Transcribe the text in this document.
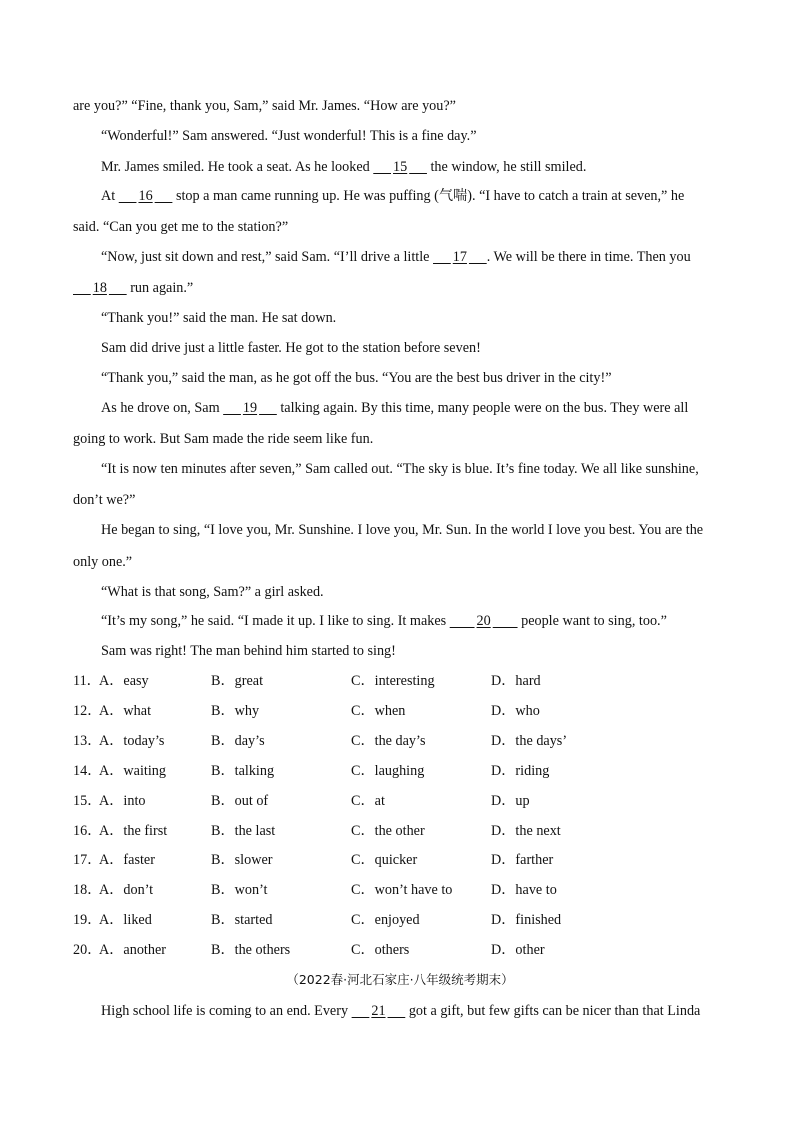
are you?” “Fine, thank you, Sam,” said Mr. James. “How are you?”
“Wonderful!” Sam answered. “Just wonderful! This is a fine day.”
Mr. James smiled. He took a seat. As he looked 15 the window, he still smiled.
At 16 stop a man came running up. He was puffing (气喘). “I have to catch a train at seven,” he
said. “Can you get me to the station?”
“Now, just sit down and rest,” said Sam. “I’ll drive a little 17 . We will be there in time. Then you
18 run again.”
“Thank you!” said the man. He sat down.
Sam did drive just a little faster. He got to the station before seven!
“Thank you,” said the man, as he got off the bus. “You are the best bus driver in the city!”
As he drove on, Sam 19 talking again. By this time, many people were on the bus. They were all
going to work. But Sam made the ride seem like fun.
“It is now ten minutes after seven,” Sam called out. “The sky is blue. It’s fine today. We all like sunshine,
don’t we?”
He began to sing, “I love you, Mr. Sunshine. I love you, Mr. Sun. In the world I love you best. You are the
only one.”
“What is that song, Sam?” a girl asked.
“It’s my song,” he said. “I made it up. I like to sing. It makes 20 people want to sing, too.”
Sam was right! The man behind him started to sing!
11．
A．easy	B．great	C．interesting	D．hard
12．
A．what	B．why	C．when	D．who
13．
A．today’s	B．day’s	C．the day’s	D．the days’
14．
A．waiting	B．talking	C．laughing	D．riding
15．
A．into	B．out of	C．at	D．up
16．
A．the first	B．the last	C．the other	D．the next
17．
A．faster	B．slower	C．quicker	D．farther
18．
A．don’t	B．won’t	C．won’t have to	D．have to
19．
A．liked	B．started	C．enjoyed	D．finished
20．
A．another	B．the others	C．others	D．other
（2022春·河北石家庄·八年级统考期末）
High school life is coming to an end. Every 21 got a gift, but few gifts can be nicer than that Linda
